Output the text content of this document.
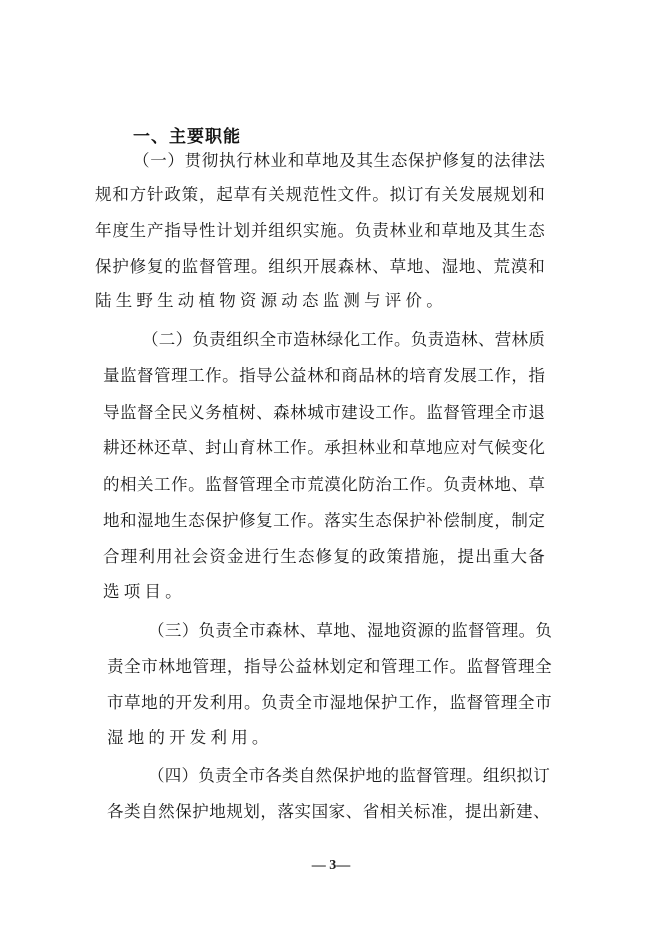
一、主要职能
（ 一 ） 贯 彻 执 行 林 业 和 草 地 及 其 生 态 保 护 修 复 的 法 律 法
规 和 方 针 政 策 ， 起 草 有 关 规 范 性 文 件 。 拟 订 有 关 发 展 规 划 和
年 度 生 产 指 导 性 计 划 并 组 织 实 施 。 负 责 林 业 和 草 地 及 其 生 态
保 护 修 复 的 监 督 管 理 。 组 织 开 展 森 林 、 草 地 、 湿 地 、 荒 漠 和
陆生野生动植物资源动态监测与评价。
（ 二 ） 负 责 组 织 全 市 造 林 绿 化 工 作 。 负 责 造 林 、 营 林 质
量 监 督 管 理 工 作 。 指 导 公 益 林 和 商 品 林 的 培 育 发 展 工 作 ， 指
导 监 督 全 民 义 务 植 树 、 森 林 城 市 建 设 工 作 。 监 督 管 理 全 市 退
耕 还 林 还 草 、 封 山 育 林 工 作 。 承 担 林 业 和 草 地 应 对 气 候 变 化
的 相 关 工 作 。 监 督 管 理 全 市 荒 漠 化 防 治 工 作 。 负 责 林 地 、 草
地 和 湿 地 生 态 保 护 修 复 工 作 。 落 实 生 态 保 护 补 偿 制 度 ， 制 定
合 理 利 用 社 会 资 金 进 行 生 态 修 复 的 政 策 措 施 ， 提 出 重 大 备
选项目。
（ 三 ） 负 责 全 市 森 林 、 草 地 、 湿 地 资 源 的 监 督 管 理 。 负
责 全 市 林 地 管 理 ， 指 导 公 益 林 划 定 和 管 理 工 作 。 监 督 管 理 全
市 草 地 的 开 发 利 用 。 负 责 全 市 湿 地 保 护 工 作 ， 监 督 管 理 全 市
湿地的开发利用。
（ 四 ） 负 责 全 市 各 类 自 然 保 护 地 的 监 督 管 理 。 组 织 拟 订
各 类 自 然 保 护 地 规 划 ， 落 实 国 家 、 省 相 关 标 准 ， 提 出 新 建 、
— 3—
